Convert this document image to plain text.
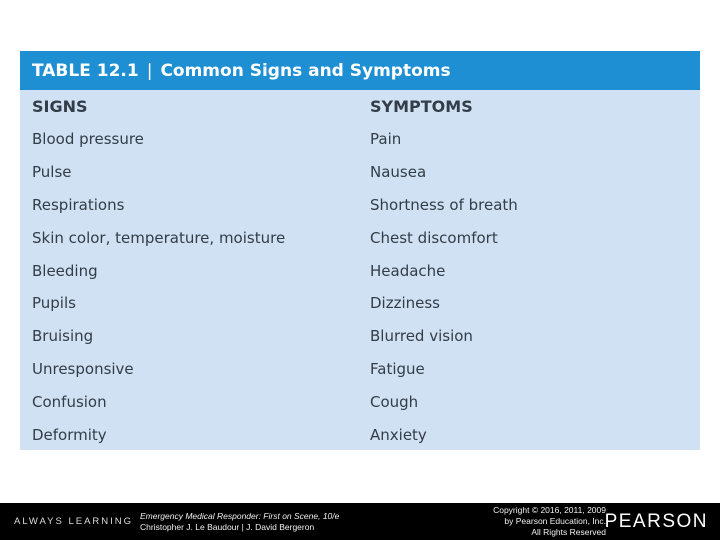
TABLE 12.1 | Common Signs and Symptoms
SIGNS	SYMPTOMS
Blood pressure	Pain
Pulse	Nausea
Respirations	Shortness of breath
Skin color, temperature, moisture	Chest discomfort
Bleeding	Headache
Pupils	Dizziness
Bruising	Blurred vision
Unresponsive	Fatigue
Confusion	Cough
Deformity	Anxiety
ALWAYS LEARNING Emergency Medical Responder: First on Scene, 10/e
Christopher J. Le Baudour | J. David Bergeron
Copyright © 2016, 2011, 2009
by Pearson Education, Inc.
All Rights Reserved
PEARSON
